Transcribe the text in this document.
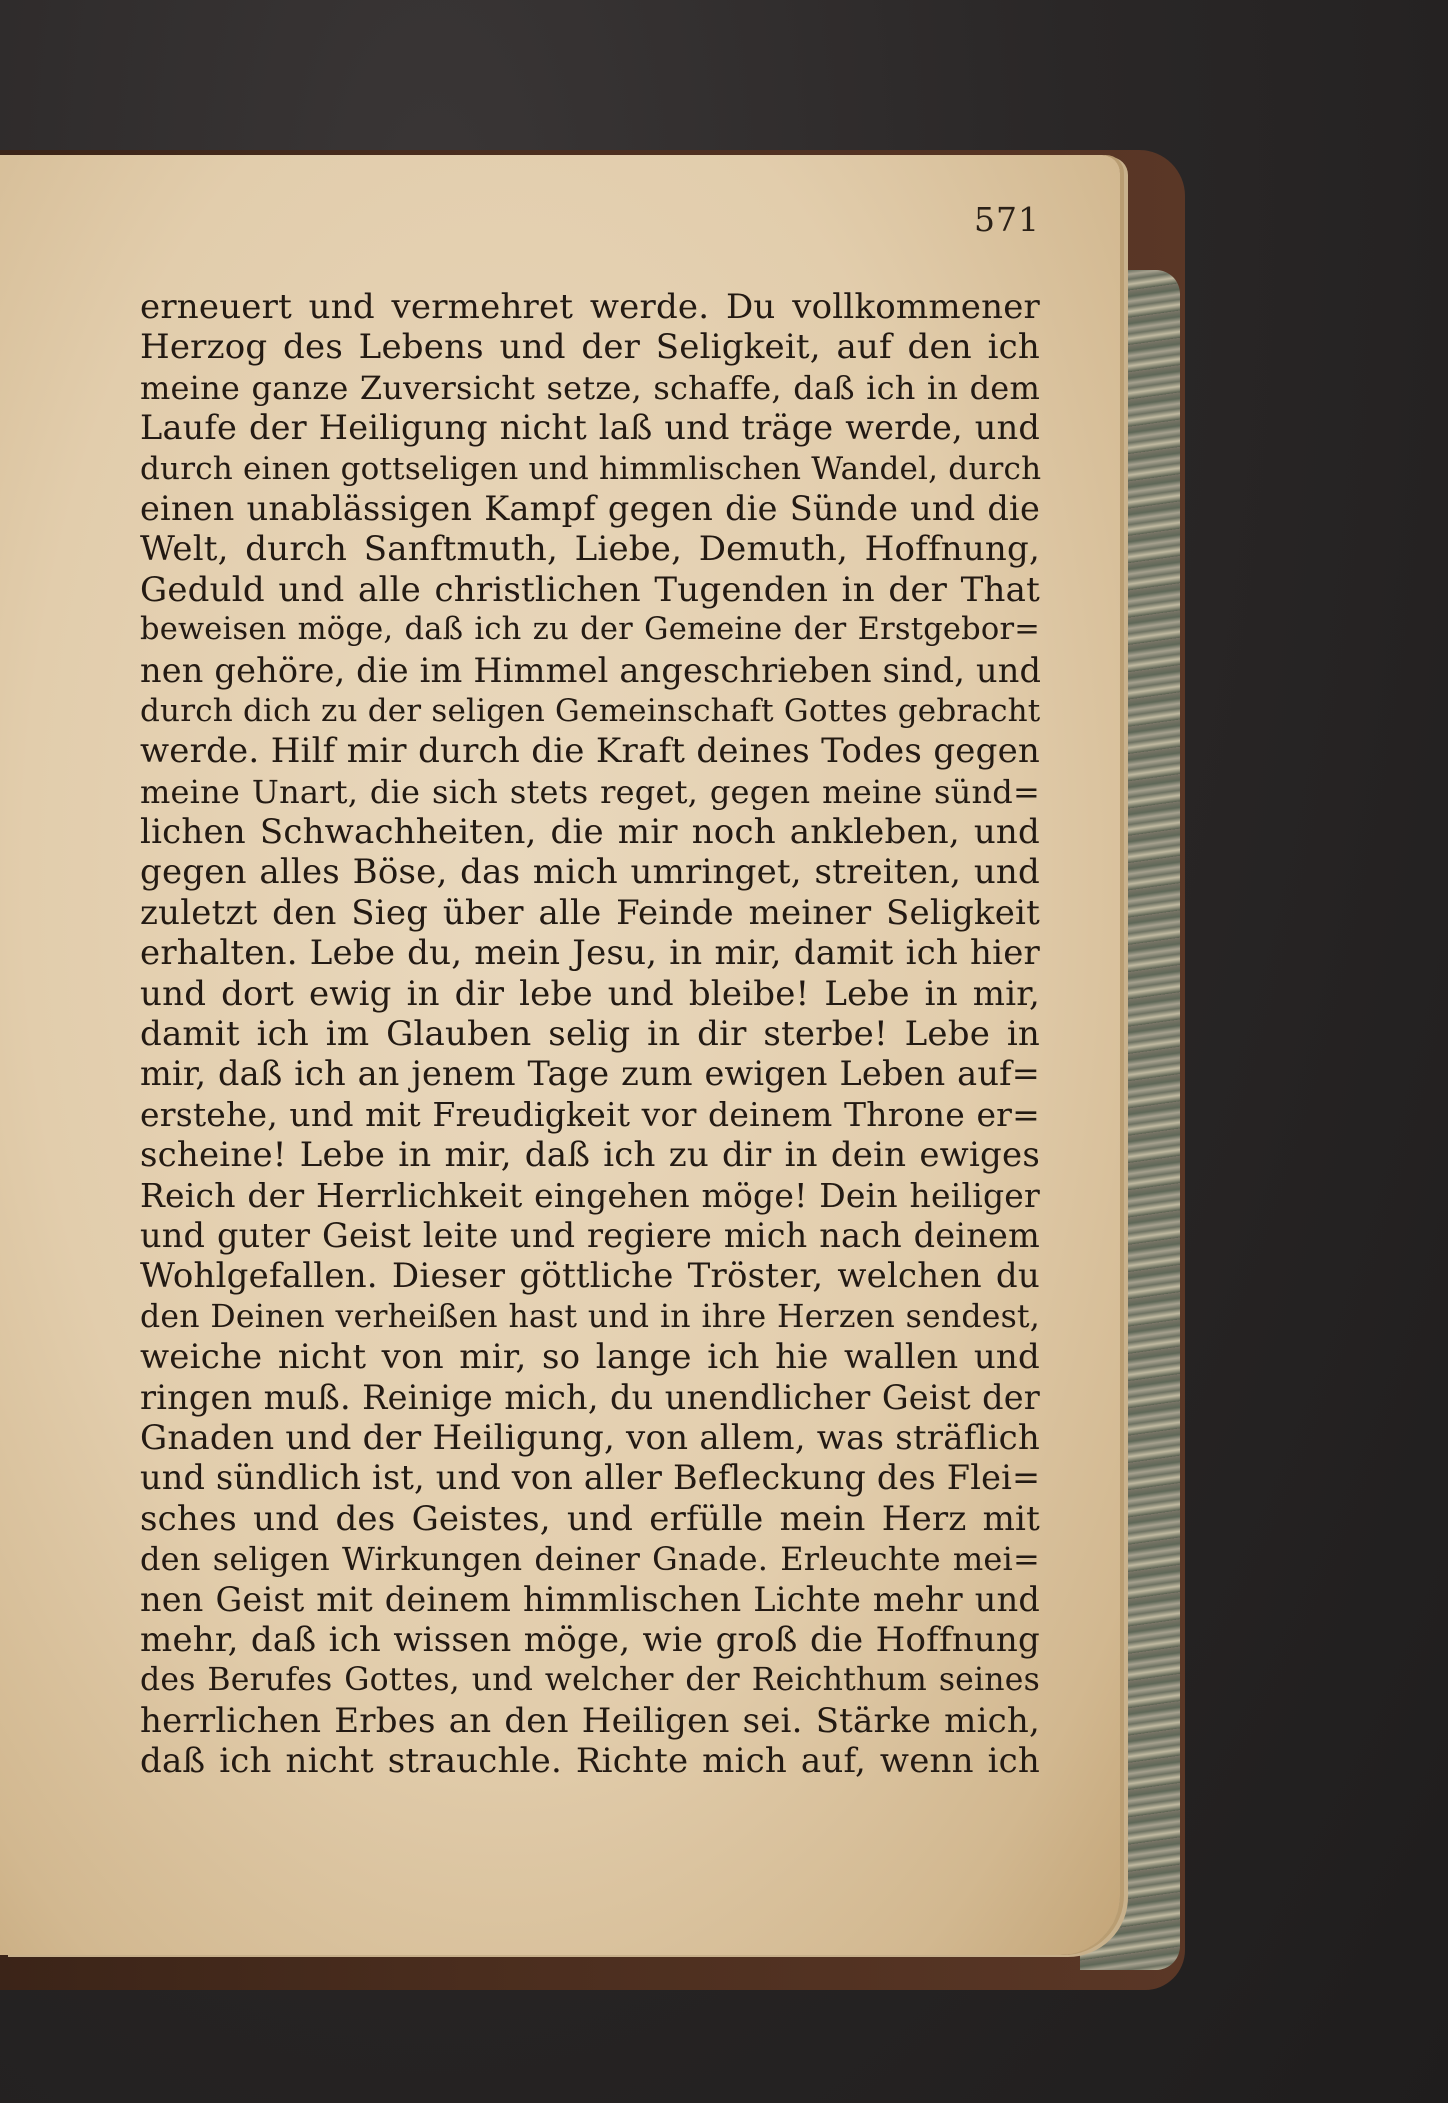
571
erneuert und vermehret werde. Du vollkommener
Herzog des Lebens und der Seligkeit, auf den ich
meine ganze Zuversicht setze, schaffe, daß ich in dem
Laufe der Heiligung nicht laß und träge werde, und
durch einen gottseligen und himmlischen Wandel, durch
einen unablässigen Kampf gegen die Sünde und die
Welt, durch Sanftmuth, Liebe, Demuth, Hoffnung,
Geduld und alle christlichen Tugenden in der That
beweisen möge, daß ich zu der Gemeine der Erstgebor=
nen gehöre, die im Himmel angeschrieben sind, und
durch dich zu der seligen Gemeinschaft Gottes gebracht
werde. Hilf mir durch die Kraft deines Todes gegen
meine Unart, die sich stets reget, gegen meine sünd=
lichen Schwachheiten, die mir noch ankleben, und
gegen alles Böse, das mich umringet, streiten, und
zuletzt den Sieg über alle Feinde meiner Seligkeit
erhalten. Lebe du, mein Jesu, in mir, damit ich hier
und dort ewig in dir lebe und bleibe! Lebe in mir,
damit ich im Glauben selig in dir sterbe! Lebe in
mir, daß ich an jenem Tage zum ewigen Leben auf=
erstehe, und mit Freudigkeit vor deinem Throne er=
scheine! Lebe in mir, daß ich zu dir in dein ewiges
Reich der Herrlichkeit eingehen möge! Dein heiliger
und guter Geist leite und regiere mich nach deinem
Wohlgefallen. Dieser göttliche Tröster, welchen du
den Deinen verheißen hast und in ihre Herzen sendest,
weiche nicht von mir, so lange ich hie wallen und
ringen muß. Reinige mich, du unendlicher Geist der
Gnaden und der Heiligung, von allem, was sträflich
und sündlich ist, und von aller Befleckung des Flei=
sches und des Geistes, und erfülle mein Herz mit
den seligen Wirkungen deiner Gnade. Erleuchte mei=
nen Geist mit deinem himmlischen Lichte mehr und
mehr, daß ich wissen möge, wie groß die Hoffnung
des Berufes Gottes, und welcher der Reichthum seines
herrlichen Erbes an den Heiligen sei. Stärke mich,
daß ich nicht strauchle. Richte mich auf, wenn ich
